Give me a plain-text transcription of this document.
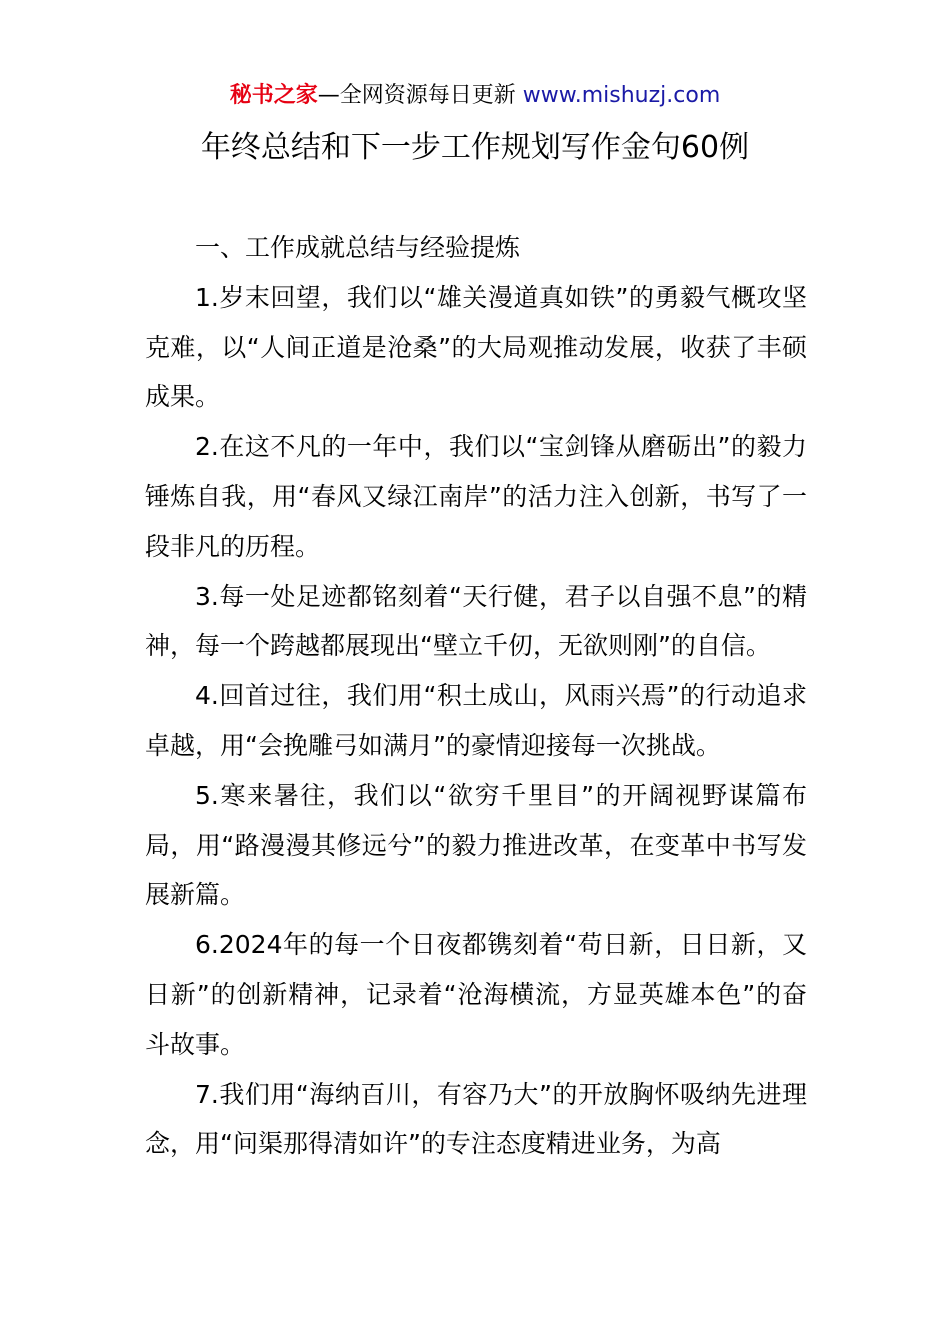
秘书之家—全网资源每日更新 www.mishuzj.com
年终总结和下一步工作规划写作金句60例

一、工作成就总结与经验提炼

1.岁末回望，我们以“雄关漫道真如铁”的勇毅气概攻坚克难，以“人间正道是沧桑”的大局观推动发展，收获了丰硕成果。

2.在这不凡的一年中，我们以“宝剑锋从磨砺出”的毅力锤炼自我，用“春风又绿江南岸”的活力注入创新，书写了一段非凡的历程。

3.每一处足迹都铭刻着“天行健，君子以自强不息”的精神，每一个跨越都展现出“壁立千仞，无欲则刚”的自信。

4.回首过往，我们用“积土成山，风雨兴焉”的行动追求卓越，用“会挽雕弓如满月”的豪情迎接每一次挑战。

5.寒来暑往，我们以“欲穷千里目”的开阔视野谋篇布局，用“路漫漫其修远兮”的毅力推进改革，在变革中书写发展新篇。

6.2024年的每一个日夜都镌刻着“苟日新，日日新，又日新”的创新精神，记录着“沧海横流，方显英雄本色”的奋斗故事。

7.我们用“海纳百川，有容乃大”的开放胸怀吸纳先进理念，用“问渠那得清如许”的专注态度精进业务，为高
